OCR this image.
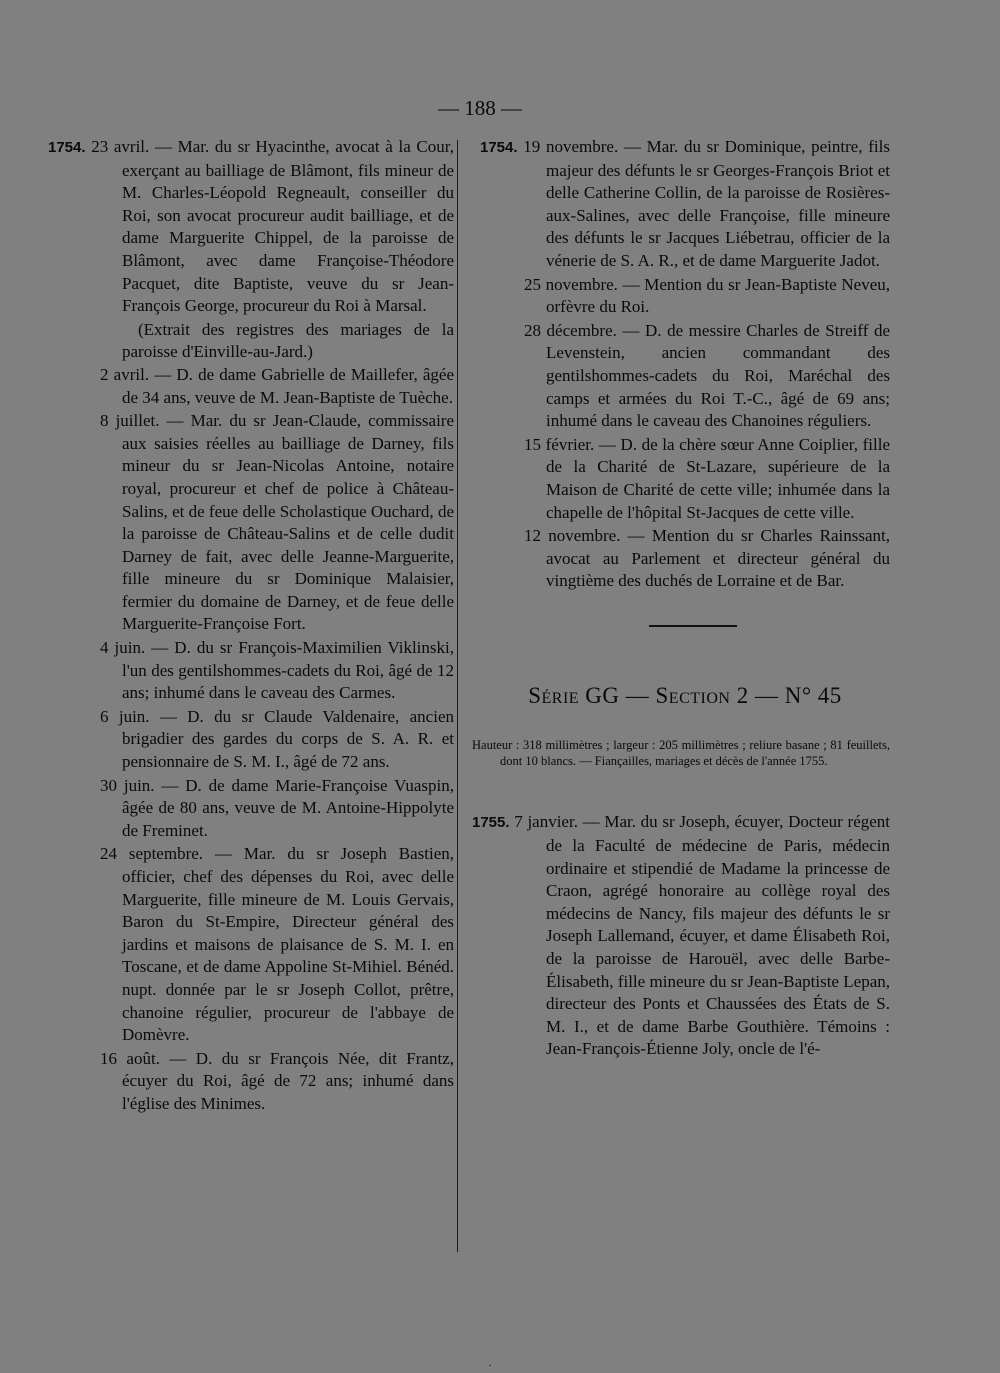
— 188 —

1754. 23 avril. — Mar. du sr Hyacinthe, avocat à la Cour, exerçant au bailliage de Blâmont, fils mineur de M. Charles-Léopold Regneault, conseiller du Roi, son avocat procureur audit bailliage, et de dame Marguerite Chippel, de la paroisse de Blâmont, avec dame Françoise-Théodore Pacquet, dite Baptiste, veuve du sr Jean-François George, procureur du Roi à Marsal.

(Extrait des registres des mariages de la paroisse d'Einville-au-Jard.)

2 avril. — D. de dame Gabrielle de Maillefer, âgée de 34 ans, veuve de M. Jean-Baptiste de Tuèche.

8 juillet. — Mar. du sr Jean-Claude, commissaire aux saisies réelles au bailliage de Darney, fils mineur du sr Jean-Nicolas Antoine, notaire royal, procureur et chef de police à Château-Salins, et de feue delle Scholastique Ouchard, de la paroisse de Château-Salins et de celle dudit Darney de fait, avec delle Jeanne-Marguerite, fille mineure du sr Dominique Malaisier, fermier du domaine de Darney, et de feue delle Marguerite-Françoise Fort.

4 juin. — D. du sr François-Maximilien Viklinski, l'un des gentilshommes-cadets du Roi, âgé de 12 ans; inhumé dans le caveau des Carmes.

6 juin. — D. du sr Claude Valdenaire, ancien brigadier des gardes du corps de S. A. R. et pensionnaire de S. M. I., âgé de 72 ans.

30 juin. — D. de dame Marie-Françoise Vuaspin, âgée de 80 ans, veuve de M. Antoine-Hippolyte de Freminet.

24 septembre. — Mar. du sr Joseph Bastien, officier, chef des dépenses du Roi, avec delle Marguerite, fille mineure de M. Louis Gervais, Baron du St-Empire, Directeur général des jardins et maisons de plaisance de S. M. I. en Toscane, et de dame Appoline St-Mihiel. Bénéd. nupt. donnée par le sr Joseph Collot, prêtre, chanoine régulier, procureur de l'abbaye de Domèvre.

16 août. — D. du sr François Née, dit Frantz, écuyer du Roi, âgé de 72 ans; inhumé dans l'église des Minimes.

1754. 19 novembre. — Mar. du sr Dominique, peintre, fils majeur des défunts le sr Georges-François Briot et delle Catherine Collin, de la paroisse de Rosières-aux-Salines, avec delle Françoise, fille mineure des défunts le sr Jacques Liébetrau, officier de la vénerie de S. A. R., et de dame Marguerite Jadot.

25 novembre. — Mention du sr Jean-Baptiste Neveu, orfèvre du Roi.

28 décembre. — D. de messire Charles de Streiff de Levenstein, ancien commandant des gentilshommes-cadets du Roi, Maréchal des camps et armées du Roi T.-C., âgé de 69 ans; inhumé dans le caveau des Chanoines réguliers.

15 février. — D. de la chère sœur Anne Coiplier, fille de la Charité de St-Lazare, supérieure de la Maison de Charité de cette ville; inhumée dans la chapelle de l'hôpital St-Jacques de cette ville.

12 novembre. — Mention du sr Charles Rainssant, avocat au Parlement et directeur général du vingtième des duchés de Lorraine et de Bar.

Série GG — Section 2 — N° 45

Hauteur : 318 millimètres ; largeur : 205 millimètres ; reliure basane ; 81 feuillets, dont 10 blancs. — Fiançailles, mariages et décès de l'année 1755.

1755. 7 janvier. — Mar. du sr Joseph, écuyer, Docteur régent de la Faculté de médecine de Paris, médecin ordinaire et stipendié de Madame la princesse de Craon, agrégé honoraire au collège royal des médecins de Nancy, fils majeur des défunts le sr Joseph Lallemand, écuyer, et dame Élisabeth Roi, de la paroisse de Harouël, avec delle Barbe-Élisabeth, fille mineure du sr Jean-Baptiste Lepan, directeur des Ponts et Chaussées des États de S. M. I., et de dame Barbe Gouthière. Témoins : Jean-François-Étienne Joly, oncle de l'é-

·
